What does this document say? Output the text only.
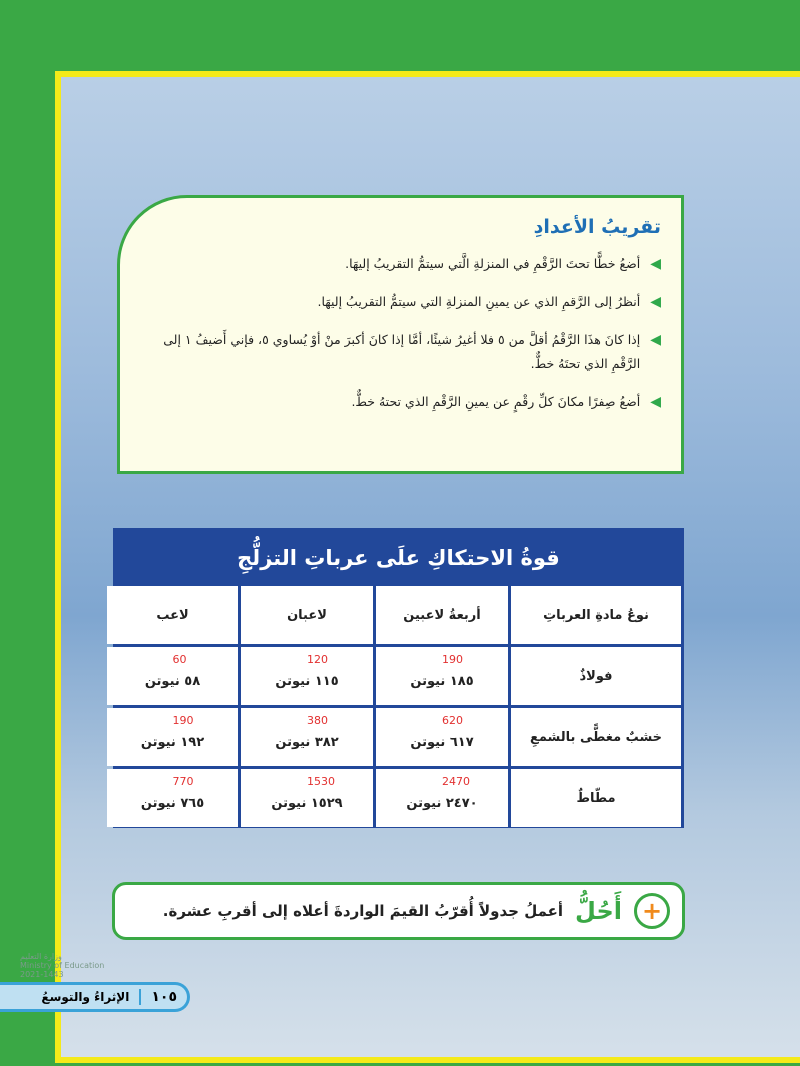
تقريبُ الأعدادِ
◀
أضعُ خطًّا تحتَ الرَّقْمِ في المنزلةِ الَّتي سيتمُّ التقريبُ إليهَا.
◀
أنظرُ إلى الرَّقمِ الذي عن يمينِ المنزلةِ التي سيتمُّ التقريبُ إليهَا.
◀
إذا كانَ هذَا الرَّقْمُ أقلَّ من ٥ فلا أغيرُ شيئًا، أمَّا إذا كانَ أكبرَ منْ أوْ يُساوي ٥، فإني أَضيفُ ١ إلى الرَّقْمِ الذي تحتَهُ خطٌّ.
◀
أضعُ صِفرًا مكانَ كلِّ رقْمٍ عن يمينِ الرَّقْمِ الذي تحتهُ خطٌّ.
قوةُ الاحتكاكِ علَى عرباتِ التزلُّجِ
نوعُ مادةِ العرباتِ
أربعةُ لاعبين
لاعبان
لاعب
فولاذٌ
190
١٨٥ نيوتن
120
١١٥ نيوتن
60
٥٨ نيوتن
خشبٌ مغطًّى بالشمعِ
620
٦١٧ نيوتن
380
٣٨٢ نيوتن
190
١٩٢ نيوتن
مطّاطٌ
2470
٢٤٧٠ نيوتن
1530
١٥٢٩ نيوتن
770
٧٦٥ نيوتن
+
أَحُلُّ
أعملُ جدولاً أُقرّبُ القيمَ الواردةَ أعلاه إلى أقربِ عشرة.
وزارة التعليم
Ministry of Education
2021-1443
١٠٥
الإثراءُ والتوسعُ
